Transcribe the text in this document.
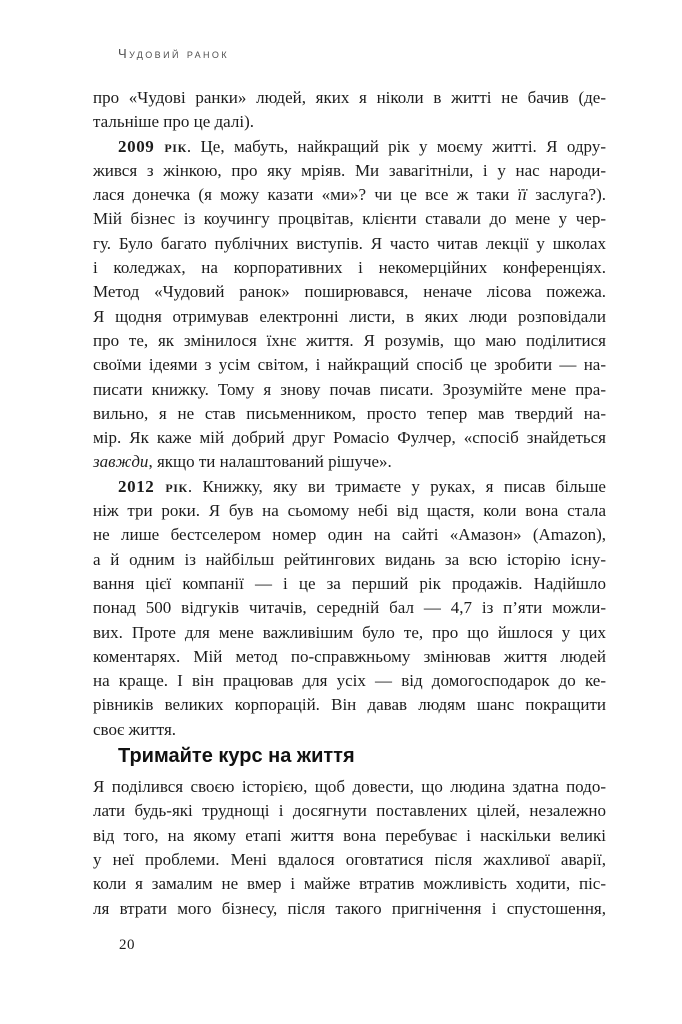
Чудовий ранок
про «Чудові ранки» людей, яких я ніколи в житті не бачив (де-
тальніше про це далі).
2009 рік. Це, мабуть, найкращий рік у моєму житті. Я одру-
жився з жінкою, про яку мріяв. Ми завагітніли, і у нас народи-
лася донечка (я можу казати «ми»? чи це все ж таки її заслуга?).
Мій бізнес із коучингу процвітав, клієнти ставали до мене у чер-
гу. Було багато публічних виступів. Я часто читав лекції у школах
і коледжах, на корпоративних і некомерційних конференціях.
Метод «Чудовий ранок» поширювався, неначе лісова пожежа.
Я щодня отримував електронні листи, в яких люди розповідали
про те, як змінилося їхнє життя. Я розумів, що маю поділитися
своїми ідеями з усім світом, і найкращий спосіб це зробити — на-
писати книжку. Тому я знову почав писати. Зрозумійте мене пра-
вильно, я не став письменником, просто тепер мав твердий на-
мір. Як каже мій добрий друг Ромасіо Фулчер, «спосіб знайдеться
завжди, якщо ти налаштований рішуче».
2012 рік. Книжку, яку ви тримаєте у руках, я писав більше
ніж три роки. Я був на сьомому небі від щастя, коли вона стала
не лише бестселером номер один на сайті «Амазон» (Amazon),
а й одним із найбільш рейтингових видань за всю історію існу-
вання цієї компанії — і це за перший рік продажів. Надійшло
понад 500 відгуків читачів, середній бал — 4,7 із п’яти можли-
вих. Проте для мене важливішим було те, про що йшлося у цих
коментарях. Мій метод по-справжньому змінював життя людей
на краще. І він працював для усіх — від домогосподарок до ке-
рівників великих корпорацій. Він давав людям шанс покращити
своє життя.
Тримайте курс на життя
Я поділився своєю історією, щоб довести, що людина здатна подо-
лати будь-які труднощі і досягнути поставлених цілей, незалежно
від того, на якому етапі життя вона перебуває і наскільки великі
у неї проблеми. Мені вдалося оговтатися після жахливої аварії,
коли я замалим не вмер і майже втратив можливість ходити, піс-
ля втрати мого бізнесу, після такого пригнічення і спустошення,
20
